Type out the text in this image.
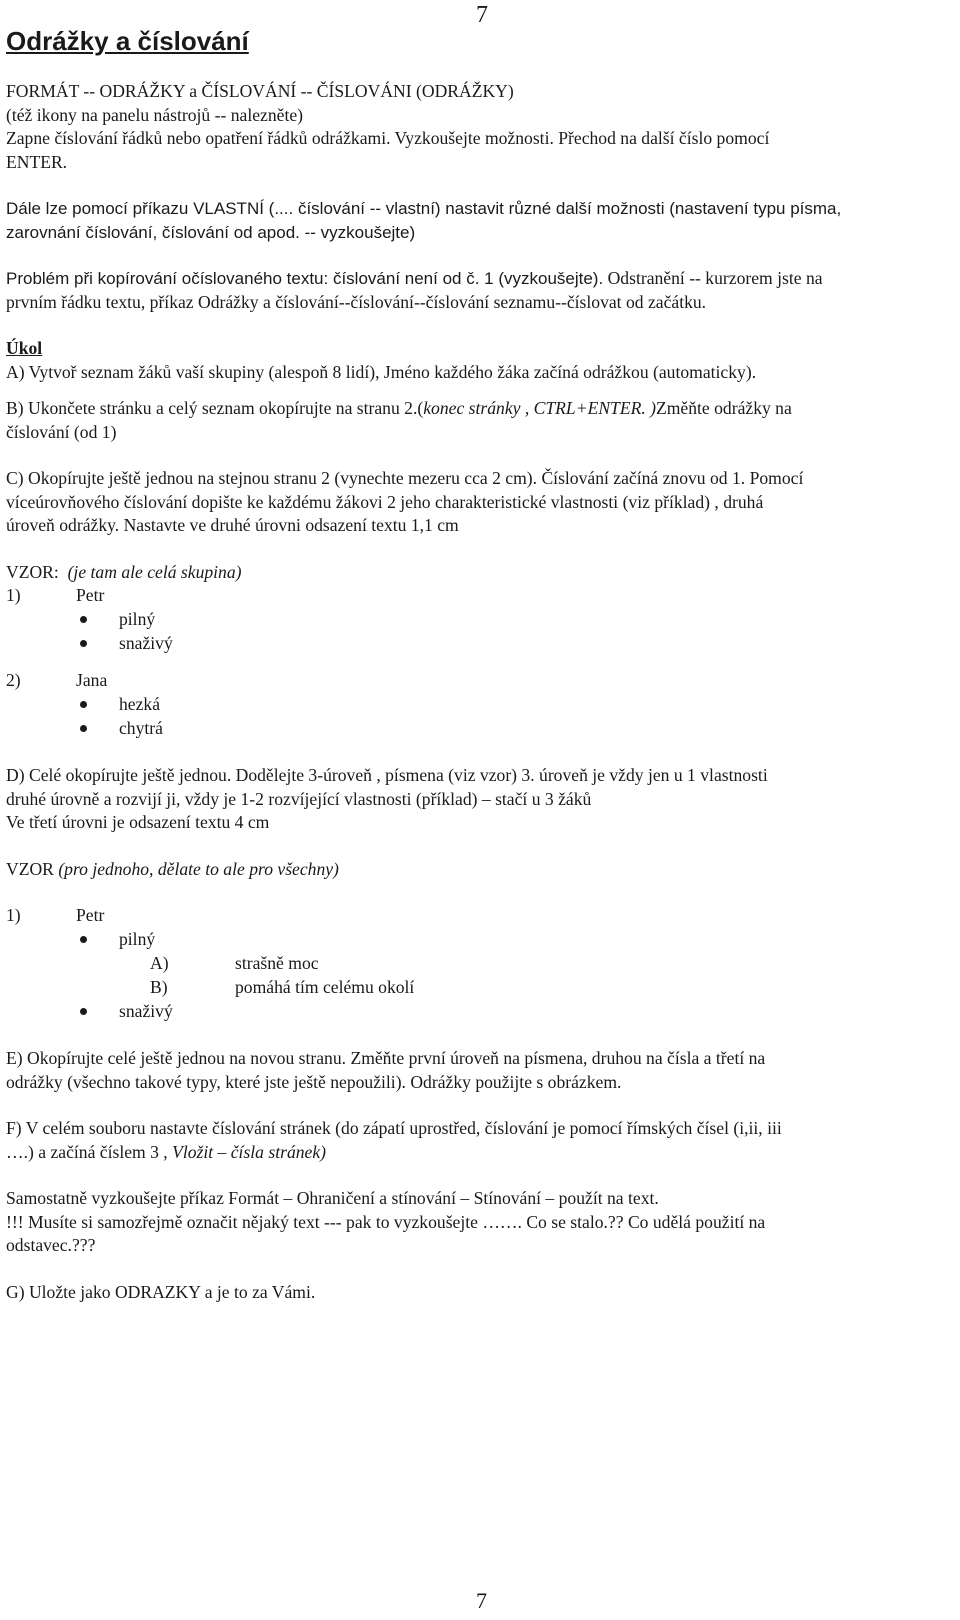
7
Odrážky a číslování
FORMÁT -- ODRÁŽKY a ČÍSLOVÁNÍ -- ČÍSLOVÁNI (ODRÁŽKY)
(též ikony na panelu nástrojů -- nalezněte)
Zapne číslování řádků nebo opatření řádků odrážkami. Vyzkoušejte možnosti. Přechod na další číslo pomocí
ENTER.
Dále lze pomocí příkazu VLASTNÍ (.... číslování -- vlastní) nastavit různé další možnosti (nastavení typu písma,
zarovnání číslování, číslování od apod. -- vyzkoušejte)
Problém při kopírování očíslovaného textu: číslování není od č. 1 (vyzkoušejte). Odstranění -- kurzorem jste na
prvním řádku textu, příkaz Odrážky a číslování--číslování--číslování seznamu--číslovat od začátku.
Úkol
A) Vytvoř seznam žáků vaší skupiny (alespoň 8 lidí), Jméno každého žáka začíná odrážkou (automaticky).
B) Ukončete stránku a celý seznam okopírujte na stranu 2.(konec stránky , CTRL+ENTER. )Změňte odrážky na
číslování (od 1)
C) Okopírujte ještě jednou na stejnou stranu 2 (vynechte mezeru cca 2 cm). Číslování začíná znovu od 1. Pomocí
víceúrovňového číslování dopište ke každému žákovi 2 jeho charakteristické vlastnosti (viz příklad) , druhá
úroveň odrážky. Nastavte ve druhé úrovni odsazení textu 1,1 cm
VZOR: (je tam ale celá skupina)
1)	Petr
pilný
snaživý
2)	Jana
hezká
chytrá
D) Celé okopírujte ještě jednou. Dodělejte 3-úroveň , písmena (viz vzor) 3. úroveň je vždy jen u 1 vlastnosti
druhé úrovně a rozvijí ji, vždy je 1-2 rozvíjející vlastnosti (příklad) – stačí u 3 žáků
Ve třetí úrovni je odsazení textu 4 cm
VZOR (pro jednoho, dělate to ale pro všechny)
1)	Petr
pilný
A)	strašně moc
B)	pomáhá tím celému okolí
snaživý
E) Okopírujte celé ještě jednou na novou stranu. Změňte první úroveň na písmena, druhou na čísla a třetí na
odrážky (všechno takové typy, které jste ještě nepoužili). Odrážky použijte s obrázkem.
F) V celém souboru nastavte číslování stránek (do zápatí uprostřed, číslování je pomocí římských čísel (i,ii, iii
….) a začíná číslem 3 , Vložit – čísla stránek)
Samostatně vyzkoušejte příkaz Formát – Ohraničení a stínování – Stínování – použít na text.
!!! Musíte si samozřejmě označit nějaký text --- pak to vyzkoušejte ……. Co se stalo.?? Co udělá použití na
odstavec.???
G) Uložte jako ODRAZKY a je to za Vámi.
7
